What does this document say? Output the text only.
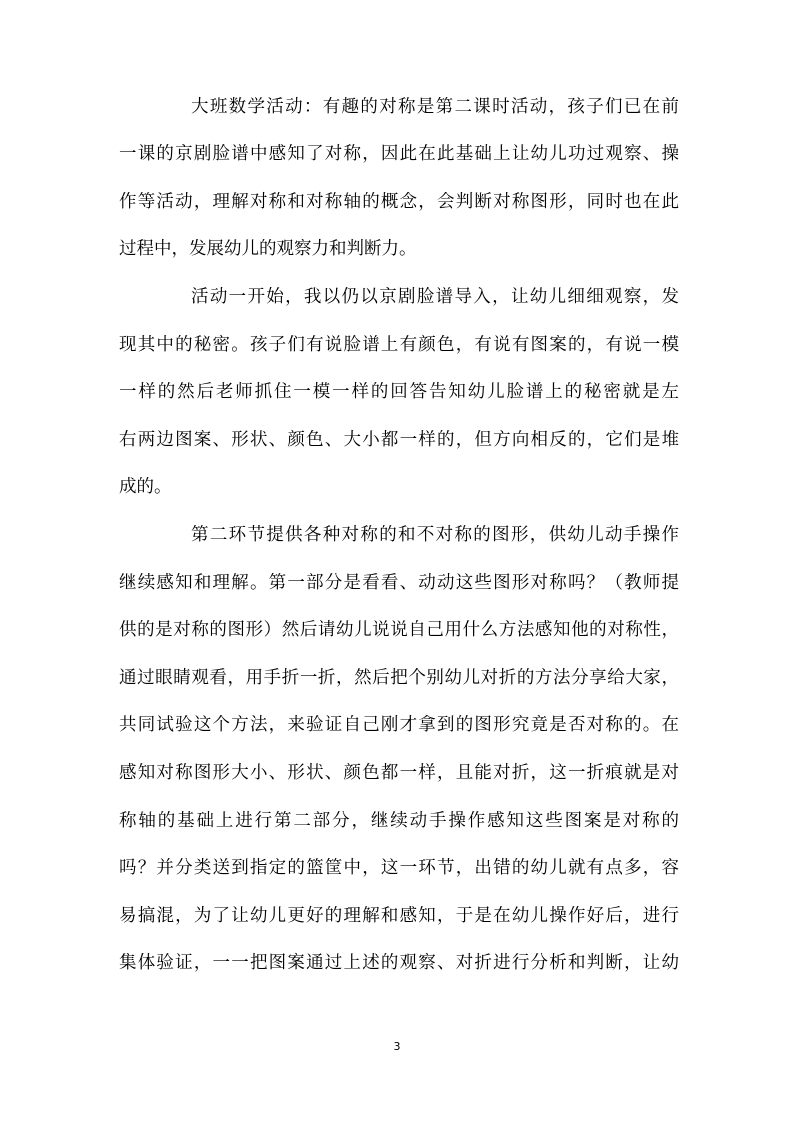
大班数学活动：有趣的对称是第二课时活动，孩子们已在前
一课的京剧脸谱中感知了对称，因此在此基础上让幼儿功过观察、操
作等活动，理解对称和对称轴的概念，会判断对称图形，同时也在此
过程中，发展幼儿的观察力和判断力。
活动一开始，我以仍以京剧脸谱导入，让幼儿细细观察，发
现其中的秘密。孩子们有说脸谱上有颜色，有说有图案的，有说一模
一样的然后老师抓住一模一样的回答告知幼儿脸谱上的秘密就是左
右两边图案、形状、颜色、大小都一样的，但方向相反的，它们是堆
成的。
第二环节提供各种对称的和不对称的图形，供幼儿动手操作
继续感知和理解。第一部分是看看、动动这些图形对称吗？（教师提
供的是对称的图形）然后请幼儿说说自己用什么方法感知他的对称性，
通过眼睛观看，用手折一折，然后把个别幼儿对折的方法分享给大家，
共同试验这个方法，来验证自己刚才拿到的图形究竟是否对称的。在
感知对称图形大小、形状、颜色都一样，且能对折，这一折痕就是对
称轴的基础上进行第二部分，继续动手操作感知这些图案是对称的
吗？并分类送到指定的篮筐中，这一环节，出错的幼儿就有点多，容
易搞混，为了让幼儿更好的理解和感知，于是在幼儿操作好后，进行
集体验证，一一把图案通过上述的观察、对折进行分析和判断，让幼
3
